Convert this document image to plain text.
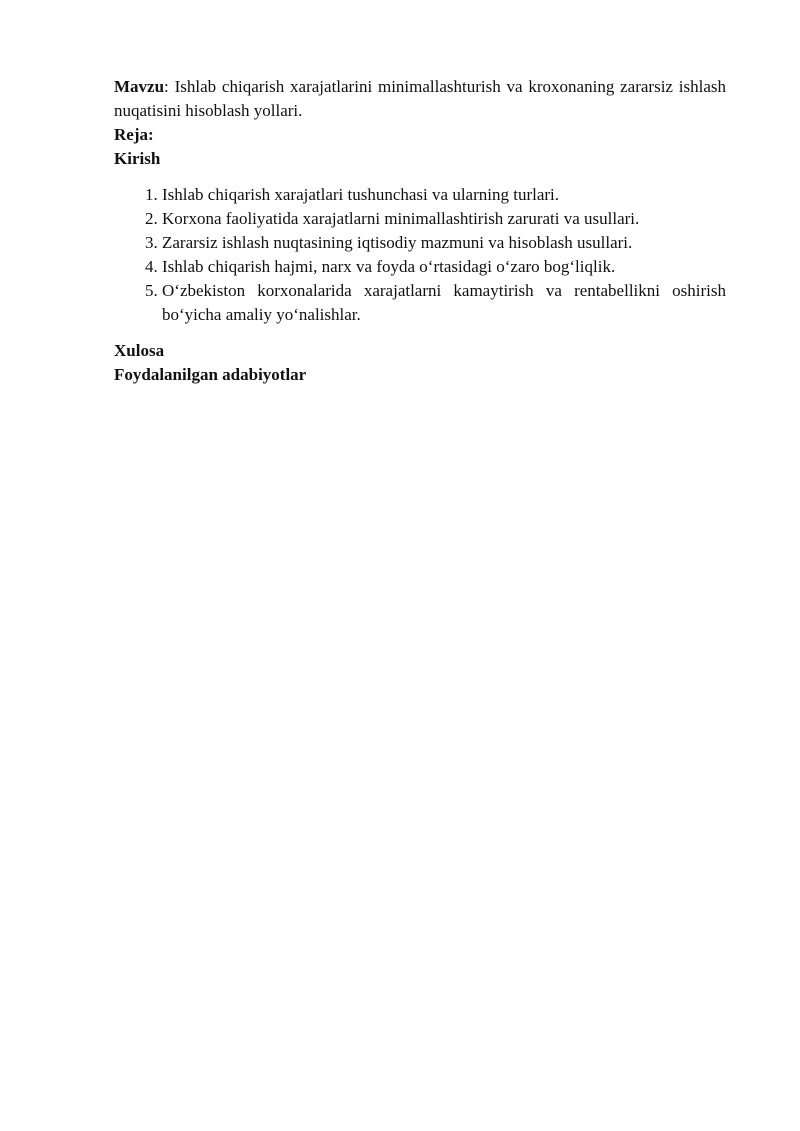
Mavzu: Ishlab chiqarish xarajatlarini minimallashturish va kroxonaning zararsiz ishlash nuqatisini hisoblash yollari.

Reja:

Kirish

1. Ishlab chiqarish xarajatlari tushunchasi va ularning turlari.
2. Korxona faoliyatida xarajatlarni minimallashtirish zarurati va usullari.
3. Zararsiz ishlash nuqtasining iqtisodiy mazmuni va hisoblash usullari.
4. Ishlab chiqarish hajmi, narx va foyda o‘rtasidagi o‘zaro bog‘liqlik.
5. O‘zbekiston korxonalarida xarajatlarni kamaytirish va rentabellikni oshirish bo‘yicha amaliy yo‘nalishlar.

Xulosa

Foydalanilgan adabiyotlar
